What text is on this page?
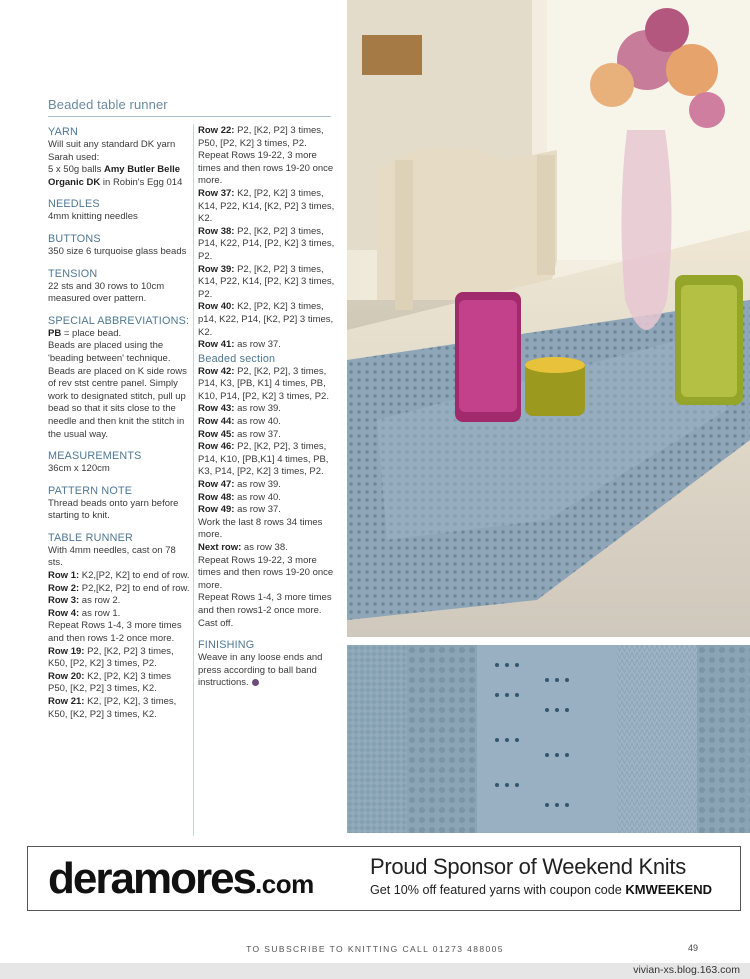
Beaded table runner
YARN

Will suit any standard DK yarn

Sarah used:

5 x 50g balls Amy Butler Belle Organic DK in Robin's Egg 014

NEEDLES

4mm knitting needles

BUTTONS

350 size 6 turquoise glass beads

TENSION

22 sts and 30 rows to 10cm measured over pattern.

SPECIAL ABBREVIATIONS:

PB = place bead.

Beads are placed using the 'beading between' technique. Beads are placed on K side rows of rev stst centre panel. Simply work to designated stitch, pull up bead so that it sits close to the needle and then knit the stitch in the usual way.

MEASUREMENTS

36cm x 120cm

PATTERN NOTE

Thread beads onto yarn before starting to knit.

TABLE RUNNER

With 4mm needles, cast on 78 sts.

Row 1: K2,[P2, K2] to end of row.

Row 2: P2,[K2, P2] to end of row.

Row 3: as row 2.

Row 4: as row 1.

Repeat Rows 1-4, 3 more times and then rows 1-2 once more.

Row 19: P2, [K2, P2] 3 times, K50, [P2, K2] 3 times, P2.

Row 20: K2, [P2, K2] 3 times P50, [K2, P2] 3 times, K2.

Row 21: K2, [P2, K2], 3 times, K50, [K2, P2] 3 times, K2.

Row 22: P2, [K2, P2] 3 times, P50, [P2, K2] 3 times, P2.

Repeat Rows 19-22, 3 more times and then rows 19-20 once more.

Row 37: K2, [P2, K2] 3 times, K14, P22, K14, [K2, P2] 3 times, K2.

Row 38: P2, [K2, P2] 3 times, P14, K22, P14, [P2, K2] 3 times, P2.

Row 39: P2, [K2, P2] 3 times, K14, P22, K14, [P2, K2] 3 times, P2.

Row 40: K2, [P2, K2] 3 times, p14, K22, P14, [K2, P2] 3 times, K2.

Row 41: as row 37.

Beaded section

Row 42: P2, [K2, P2], 3 times, P14, K3, [PB, K1] 4 times, PB, K10, P14, [P2, K2] 3 times, P2.

Row 43: as row 39.

Row 44: as row 40.

Row 45: as row 37.

Row 46: P2, [K2, P2], 3 times, P14, K10, [PB,K1] 4 times, PB, K3, P14, [P2, K2] 3 times, P2.

Row 47: as row 39.

Row 48: as row 40.

Row 49: as row 37.

Work the last 8 rows 34 times more.

Next row: as row 38.

Repeat Rows 19-22, 3 more times and then rows 19-20 once more.

Repeat Rows 1-4, 3 more times and then rows1-2 once more.

Cast off.

FINISHING

Weave in any loose ends and press according to ball band instructions.

deramores.com
Proud Sponsor of Weekend Knits
Get 10% off featured yarns with coupon code KMWEEKEND
TO SUBSCRIBE TO KNITTING CALL 01273 488005	49
vivian-xs.blog.163.com
